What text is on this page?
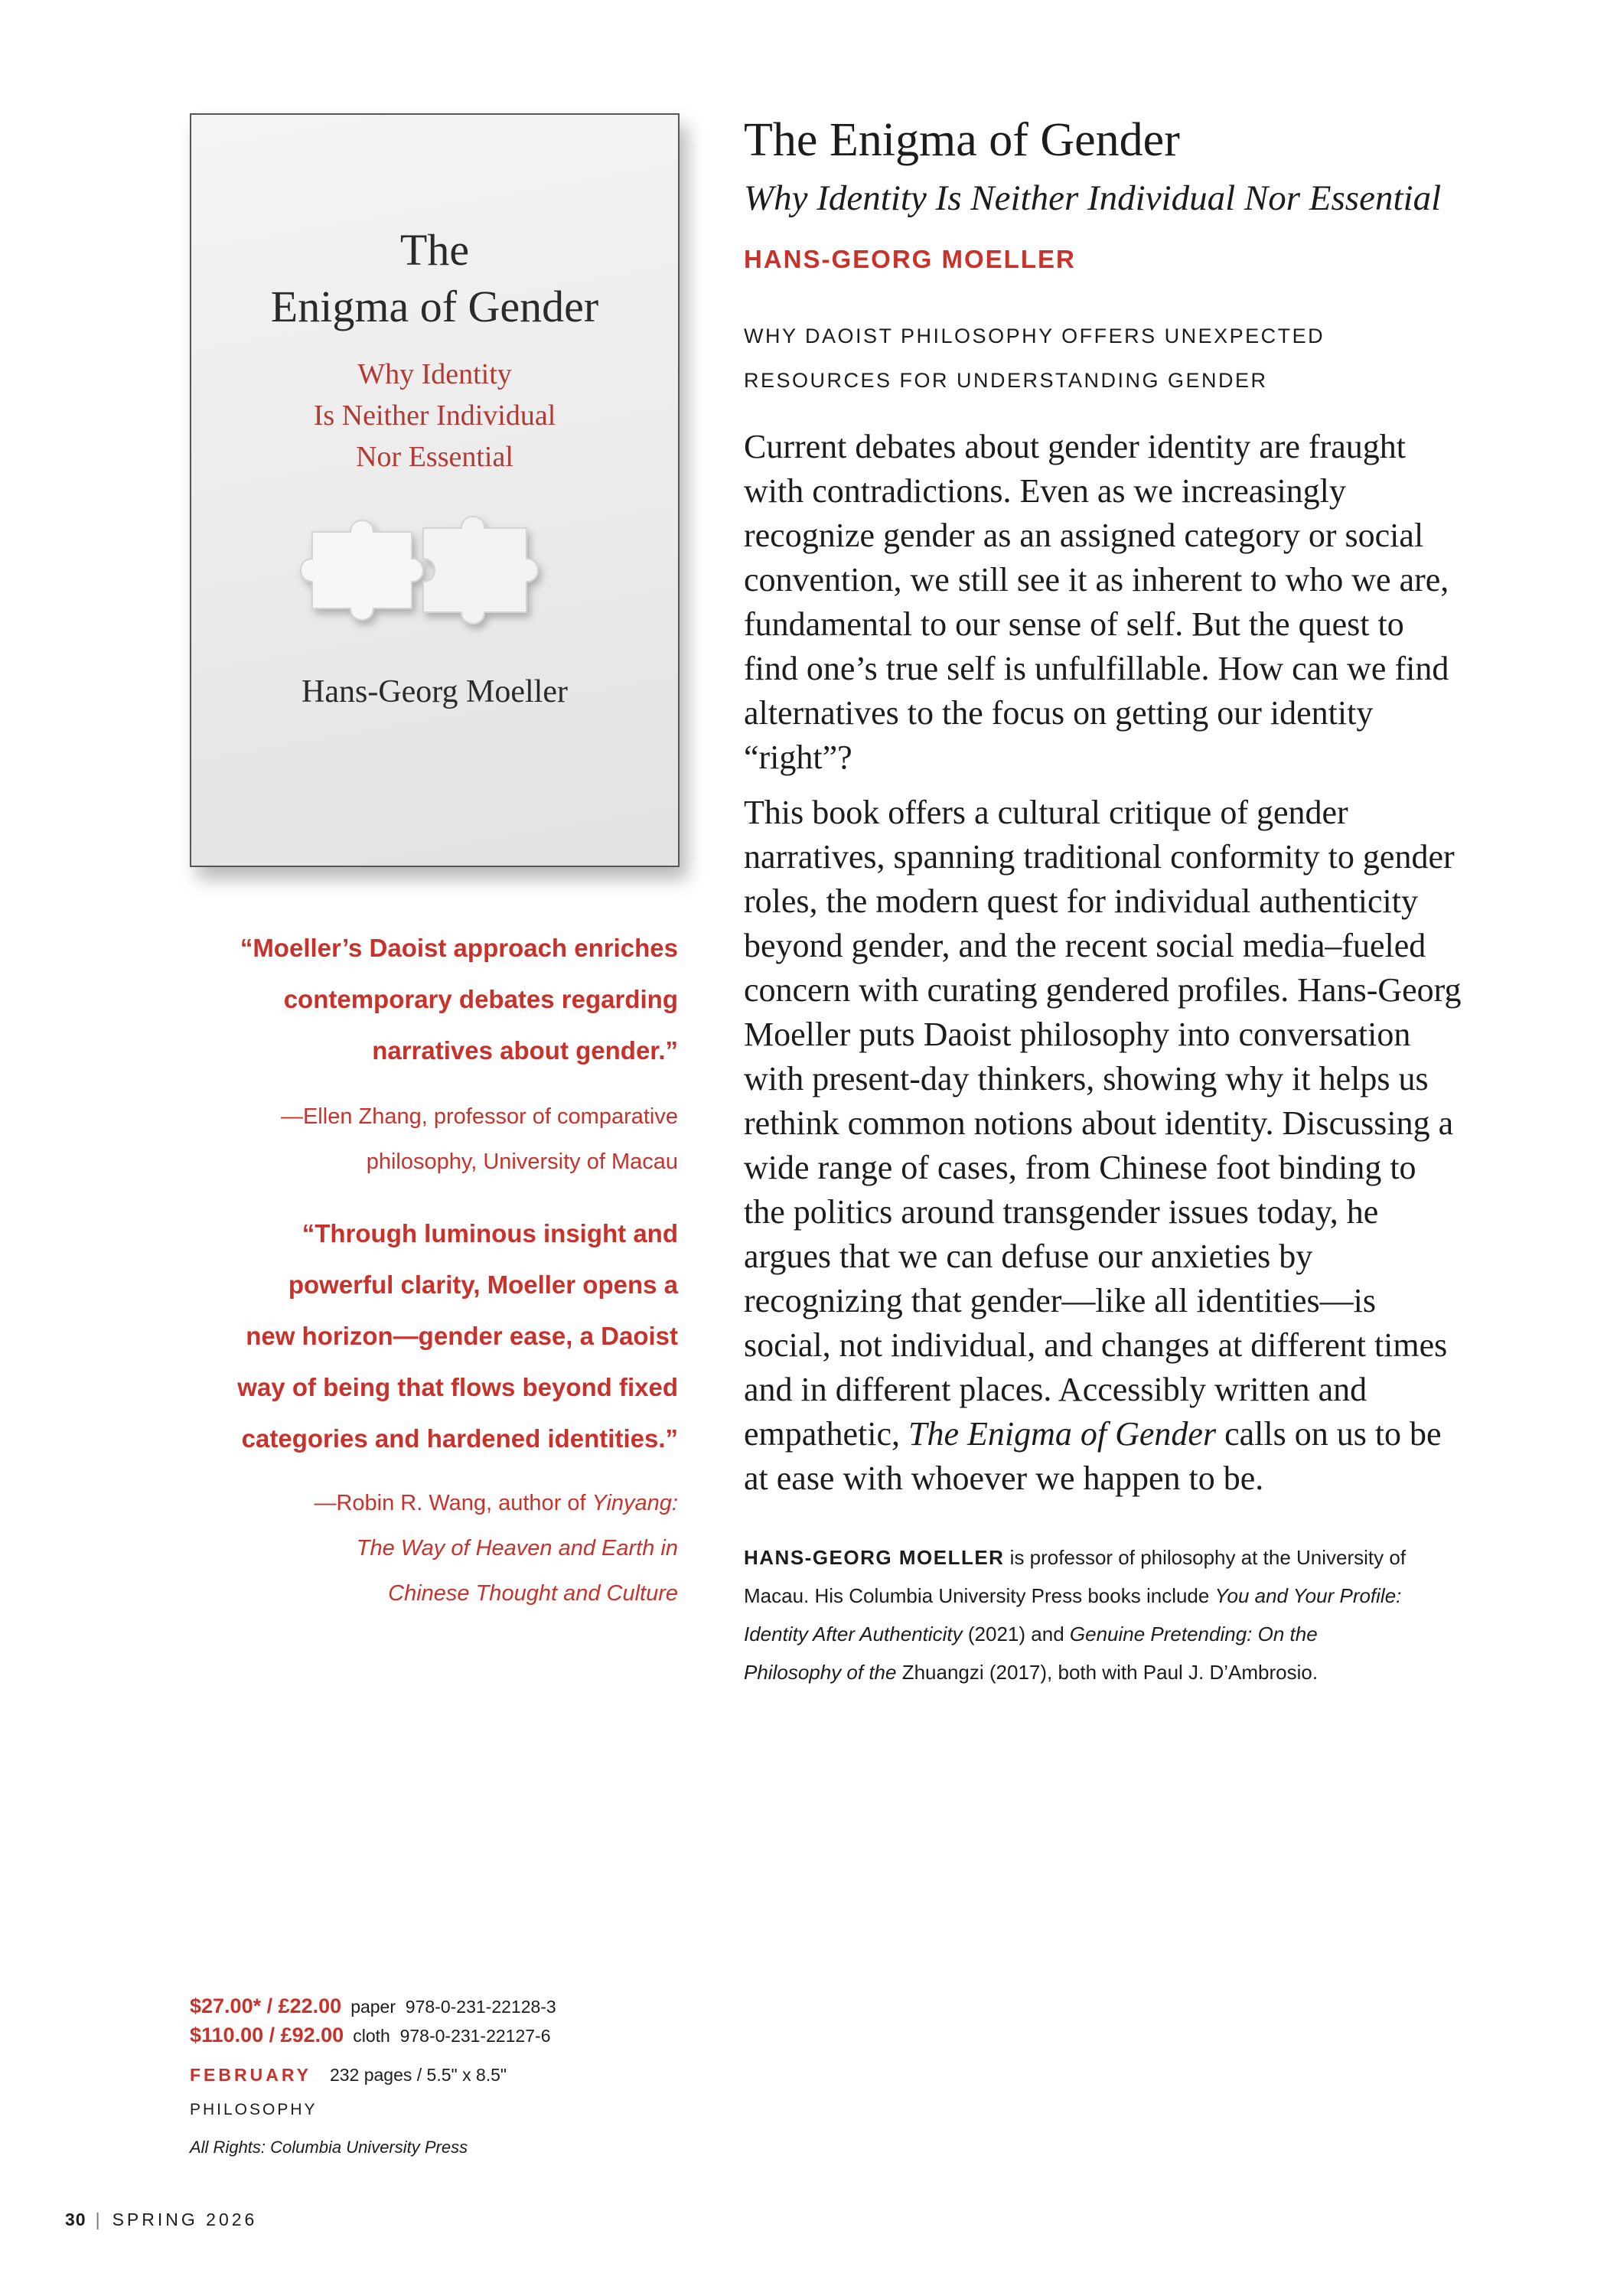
The
Enigma of Gender
Why Identity
Is Neither Individual
Nor Essential
Hans-Georg Moeller
“Moeller’s Daoist approach enriches
contemporary debates regarding
narratives about gender.”
—Ellen Zhang, professor of comparative
philosophy, University of Macau
“Through luminous insight and
powerful clarity, Moeller opens a
new horizon—gender ease, a Daoist
way of being that flows beyond fixed
categories and hardened identities.”
—Robin R. Wang, author of Yinyang:
The Way of Heaven and Earth in
Chinese Thought and Culture
The Enigma of Gender
Why Identity Is Neither Individual Nor Essential
HANS-GEORG MOELLER
WHY DAOIST PHILOSOPHY OFFERS UNEXPECTED
RESOURCES FOR UNDERSTANDING GENDER

Current debates about gender identity are fraught with contradictions. Even as we increasingly recognize gender as an assigned category or social convention, we still see it as inherent to who we are, fundamental to our sense of self. But the quest to find one’s true self is unfulfillable. How can we find alternatives to the focus on getting our identity “right”?

This book offers a cultural critique of gender narratives, spanning traditional conformity to gender roles, the modern quest for individual authenticity beyond gender, and the recent social media–fueled concern with curating gendered profiles. Hans-Georg Moeller puts Daoist philosophy into conversation with present-day thinkers, showing why it helps us rethink common notions about identity. Discussing a wide range of cases, from Chinese foot binding to the politics around transgender issues today, he argues that we can defuse our anxieties by recognizing that gender—like all identities—is social, not individual, and changes at different times and in different places. Accessibly written and empathetic, The Enigma of Gender calls on us to be at ease with whoever we happen to be.

HANS-GEORG MOELLER is professor of philosophy at the University of Macau. His Columbia University Press books include You and Your Profile: Identity After Authenticity (2021) and Genuine Pretending: On the Philosophy of the Zhuangzi (2017), both with Paul J. D’Ambrosio.
$27.00* / £22.00 paper 978-0-231-22128-3
$110.00 / £92.00 cloth 978-0-231-22127-6
FEBRUARY 232 pages / 5.5" x 8.5"
PHILOSOPHY
All Rights: Columbia University Press
30 | SPRING 2026
